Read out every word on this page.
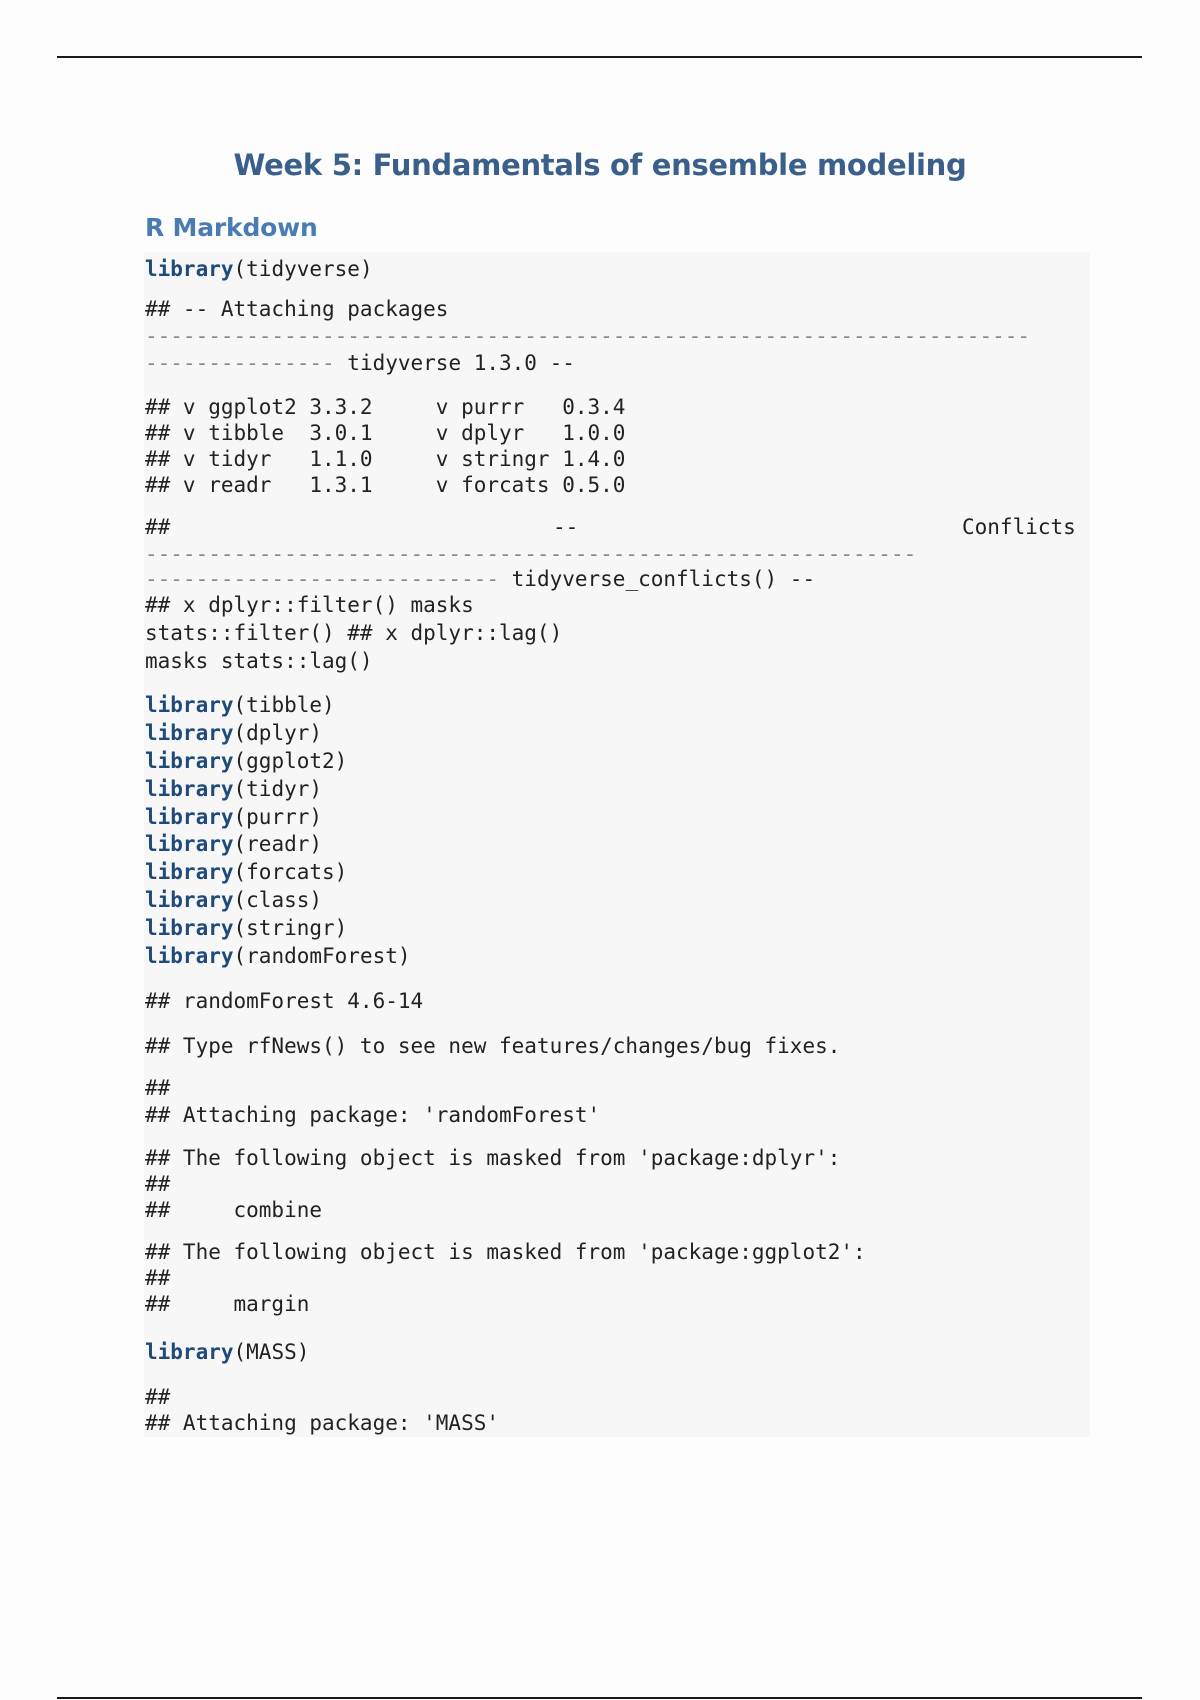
Week 5: Fundamentals of ensemble modeling
R Markdown
library(tidyverse)
## -- Attaching packages
----------------------------------------------------------------------
--------------- tidyverse 1.3.0 --
## v ggplot2 3.3.2     v purrr   0.3.4
## v tibble  3.0.1     v dplyr   1.0.0
## v tidyr   1.1.0     v stringr 1.4.0
## v readr   1.3.1     v forcats 0.5.0
##	--	Conflicts
-------------------------------------------------------------
---------------------------- tidyverse_conflicts() --
## x dplyr::filter() masks
stats::filter() ## x dplyr::lag()
masks stats::lag()
library(tibble)
library(dplyr)
library(ggplot2)
library(tidyr)
library(purrr)
library(readr)
library(forcats)
library(class)
library(stringr)
library(randomForest)
## randomForest 4.6-14
## Type rfNews() to see new features/changes/bug fixes.
##
## Attaching package: 'randomForest'
## The following object is masked from 'package:dplyr':
##
##     combine
## The following object is masked from 'package:ggplot2':
##
##     margin
library(MASS)
##
## Attaching package: 'MASS'
